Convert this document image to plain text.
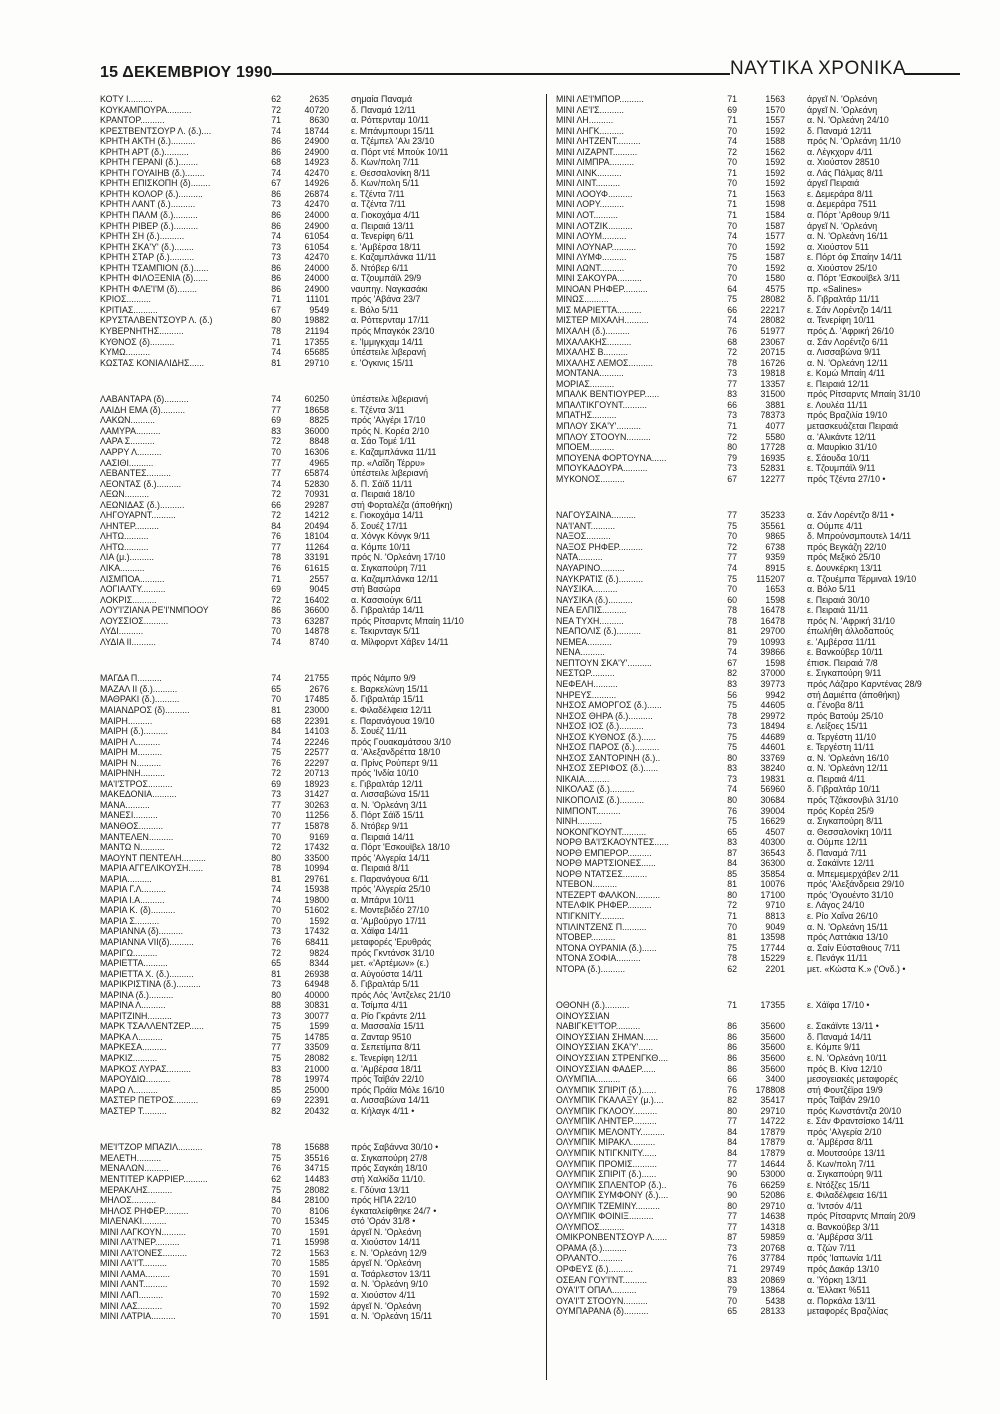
15 ΔΕΚΕΜΒΡΙΟΥ 1990	ΝΑΥΤΙΚΑ ΧΡΟΝΙΚΑ
ΚΟΤΥ Ι..........	62	2635	σημαία Παναμά
ΚΟΥΚΑΜΠΟΥΡΑ..........	72	40720	δ. Παναμά 12/11
ΚΡΑΝΤΟΡ..........	71	8630	α. Ρόττερνταμ 10/11
ΚΡΕΣΤΒΕΝΤΣΟΥΡ Λ. (δ.)....	74	18744	ε. Μπάνμπουρι 15/11
ΚΡΗΤΗ ΑΚΤΗ (δ.)..........	86	24900	α. Τζέμπελ 'Αλι 23/10
ΚΡΗΤΗ ΑΡΤ (δ.)..........	86	24900	α. Πόρτ ντέ Μπούκ 10/11
ΚΡΗΤΗ ΓΕΡΑΝΙ (δ.)........	68	14923	δ. Κων/πολη 7/11
ΚΡΗΤΗ ΓΟΥΑΙΗΒ (δ.)........	74	42470	ε. Θεσσαλονίκη 8/11
ΚΡΗΤΗ ΕΠΙΣΚΟΠΗ (δ)........	67	14926	δ. Κων/πολη 5/11
ΚΡΗΤΗ ΚΟΛΟΡ (δ.)..........	86	26874	ε. Τζέντα 7/11
ΚΡΗΤΗ ΛΑΝΤ (δ.)..........	73	42470	α. Τζέντα 7/11
ΚΡΗΤΗ ΠΑΛΜ (δ.)..........	86	24000	α. Γιοκοχάμα 4/11
ΚΡΗΤΗ ΡΙΒΕΡ (δ.)..........	86	24900	α. Πειραιά 13/11
ΚΡΗΤΗ ΣΗ (δ.)..........	74	61054	α. Τενερίφη 6/11
ΚΡΗΤΗ ΣΚΑ'Υ' (δ.)........	73	61054	ε. 'Αμβέρσα 18/11
ΚΡΗΤΗ ΣΤΑΡ (δ.)..........	73	42470	ε. Καζαμπλάνκα 11/11
ΚΡΗΤΗ ΤΣΑΜΠΙΟΝ (δ.)......	86	24000	δ. Ντόβερ 6/11
ΚΡΗΤΗ ΦΙΛΟΞΕΝΙΑ (δ)......	86	24000	α. Τζουμπάϊλ 29/9
ΚΡΗΤΗ ΦΛΕ'Ι'Μ (δ)........	86	24900	ναυπηγ. Ναγκασάκι
ΚΡΙΟΣ..........	71	11101	πρός 'Αβάνα 23/7
ΚΡΙΤΙΑΣ..........	67	9549	ε. Βόλο 5/11
ΚΡΥΣΤΑΛΒΕΝΤΣΟΥΡ Λ. (δ.)	80	19882	α. Ρόττερνταμ 17/11
ΚΥΒΕΡΝΗΤΗΣ..........	78	21194	πρός Μπαγκόκ 23/10
ΚΥΘΝΟΣ (δ)..........	71	17355	ε. 'Ιμμιγκχαμ 14/11
ΚΥΜΩ..........	74	65685	ύπέστειλε λιβερανή
ΚΩΣΤΑΣ ΚΟΝΙΑΛΙΔΗΣ......	81	29710	ε. 'Ογκινις 15/11
ΛΑΒΑΝΤΑΡΑ (δ)..........	74	60250	ύπέστειλε λιβεριανή
ΛΑΙΔΗ ΕΜΑ (δ)..........	77	18658	ε. Τζέντα 3/11
ΛΑΚΩΝ..........	69	8825	πρός 'Αλγέρι 17/10
ΛΑΜΥΡΑ..........	83	36000	πρός Ν. Κορέα 2/10
ΛΑΡΑ Σ..........	72	8848	α. Σάο Τομέ 1/11
ΛΑΡΡΥ Λ..........	70	16306	ε. Καζαμπλάνκα 11/11
ΛΑΣΙΘΙ..........	77	4965	πρ. «Λαΐδη Τέρρυ»
ΛΕΒΑΝΤΕΣ..........	77	65874	ύπέστειλε λιβεριανή
ΛΕΟΝΤΑΣ (δ.)..........	74	52830	δ. Π. Σάϊδ 11/11
ΛΕΩΝ..........	72	70931	α. Πειραιά 18/10
ΛΕΩΝΙΔΑΣ (δ.)..........	66	29287	στή Φορταλέζα (άποθήκη)
ΛΗΓΟΥΑΡΝΤ..........	72	14212	ε. Γιοκοχάμα 14/11
ΛΗΝΤΕΡ..........	84	20494	δ. Σουέζ 17/11
ΛΗΤΩ..........	76	18104	α. Χόνγκ Κόνγκ 9/11
ΛΗΤΩ..........	77	11264	α. Κόμπε 10/11
ΛΙΑ (μ.)..........	78	33191	πρός Ν. 'Ορλεάνη 17/10
ΛΙΚΑ..........	76	61615	α. Σιγκαπούρη 7/11
ΛΙΣΜΠΟΑ..........	71	2557	α. Καζαμπλάνκα 12/11
ΛΟΓΙΑΛΤΥ..........	69	9045	στή Βασώρα
ΛΟΚΡΙΣ..........	72	16402	α. Κασσιούγκ 6/11
ΛΟΥ'Ι'ΖΙΑΝΑ ΡΕ'Ι'ΝΜΠΟΟΥ	86	36600	δ. Γιβραλτάρ 14/11
ΛΟΥΣΣΙΟΣ..........	73	63287	πρός Ρίτσαρντς Μπαίη 11/10
ΛΥΔΙ..........	70	14878	ε. Τεκιρνταγκ 5/11
ΛΥΔΙΑ ΙΙ..........	74	8740	α. Μίλφορντ Χάβεν 14/11
ΜΑΓΔΑ Π..........	74	21755	πρός Νάμπο 9/9
ΜΑΖΑΛ ΙΙ (δ.)..........	65	2676	ε. Βαρκελώνη 15/11
ΜΑΘΡΑΚΙ (δ.)..........	70	17485	δ. Γιβραλτάρ 15/11
ΜΑΙΑΝΔΡΟΣ (δ)..........	81	23000	ε. Φιλαδέλφεια 12/11
ΜΑΙΡΗ..........	68	22391	ε. Παρανάγουα 19/10
ΜΑΙΡΗ (δ.)..........	84	14103	δ. Σουέζ 11/11
ΜΑΙΡΗ Λ..........	74	22246	πρός Γουακαμάτσου 3/10
ΜΑΙΡΗ Μ..........	75	22577	α. 'Αλεξανδρέττα 18/10
ΜΑΙΡΗ Ν..........	76	22297	α. Πρίνς Ρούπερτ 9/11
ΜΑΙΡΗΝΗ..........	72	20713	πρός 'Ινδία 10/10
ΜΑ'Ι'ΣΤΡΟΣ..........	69	18923	ε. Γιβραλτάρ 12/11
ΜΑΚΕΔΟΝΙΑ..........	73	31427	α. Λισσαβώνα 15/11
ΜΑΝΑ..........	77	30263	α. Ν. 'Ορλεάνη 3/11
ΜΑΝΕΣΙ..........	70	11256	δ. Πόρτ Σάϊδ 15/11
ΜΑΝΘΟΣ..........	77	15878	δ. Ντόβερ 9/11
ΜΑΝΤΕΛΕΝ..........	70	9169	α. Πειραιά 14/11
ΜΑΝΤΩ Ν..........	72	17432	α. Πόρτ 'Εσκουϊβελ 18/10
ΜΑΟΥΝΤ ΠΕΝΤΕΛΗ..........	80	33500	πρός 'Αλγερία 14/11
ΜΑΡΙΑ ΑΓΓΕΛΙΚΟΥΣΗ......	78	10994	α. Πειραιά 8/11
ΜΑΡΙΑ..........	81	29761	ε. Παρανάγουα 6/11
ΜΑΡΙΑ Γ.Λ..........	74	15938	πρός 'Αλγερία 25/10
ΜΑΡΙΑ Ι.Α..........	74	19800	α. Μπάρνι 10/11
ΜΑΡΙΑ Κ. (δ)..........	70	51602	ε. Μοντεβιδέο 27/10
ΜΑΡΙΑ Σ..........	70	1592	α. 'Αμβούργο 17/11
ΜΑΡΙΑΝΝΑ (δ)..........	73	17432	α. Χάϊφα 14/11
ΜΑΡΙΑΝΝΑ VII(δ)..........	76	68411	μεταφορές 'Ερυθράς
ΜΑΡΙΓΩ..........	72	9824	πρός Γκντάνσκ 31/10
ΜΑΡΙΕΤΤΑ..........	65	8344	μετ. «'Αρτέμων» (ε.)
ΜΑΡΙΕΤΤΑ Χ. (δ.)..........	81	26938	α. Αύγούστα 14/11
ΜΑΡΙΚΡΙΣΤΙΝΑ (δ.)..........	73	64948	δ. Γιβραλτάρ 5/11
ΜΑΡΙΝΑ (δ.)..........	80	40000	πρός Λός 'Αντζελες 21/10
ΜΑΡΙΝΑ Λ..........	88	30831	α. Τσίμπα 4/11
ΜΑΡΙΤΖΙΝΗ..........	73	30077	α. Ρίο Γκράντε 2/11
ΜΑΡΚ ΤΣΑΛΛΕΝΤΖΕΡ......	75	1599	α. Μασσαλία 15/11
ΜΑΡΚΑ Λ..........	75	14785	α. Ζανταρ 9510
ΜΑΡΚΕΣΑ..........	77	33509	α. Σεπετίμπα 8/11
ΜΑΡΚΙΖ..........	75	28082	ε. Τενερίφη 12/11
ΜΑΡΚΟΣ ΛΥΡΑΣ..........	83	21000	α. 'Αμβέρσα 18/11
ΜΑΡΟΥΔΙΩ..........	78	19974	πρός Ταϊβάν 22/10
ΜΑΡΩ Λ..........	85	25000	πρός Πράϊα Μόλε 16/10
ΜΑΣΤΕΡ ΠΕΤΡΟΣ..........	69	22391	α. Λισσαβώνα 14/11
ΜΑΣΤΕΡ Τ..........	82	20432	α. Κήλαγκ 4/11 •
ΜΕ'Ι'ΤΖΟΡ ΜΠΑΖΙΛ..........	78	15688	πρός Σαβάννα 30/10 •
ΜΕΛΕΤΗ..........	75	35516	α. Σιγκαπούρη 27/8
ΜΕΝΑΛΩΝ..........	76	34715	πρός Σαγκάη 18/10
ΜΕΝΤΙΤΕΡ ΚΑΡΡΙΕΡ..........	62	14483	στή Χαλκίδα 11/10.
ΜΕΡΑΚΛΗΣ..........	75	28082	ε. Γδύνια 13/11
ΜΗΛΟΣ..........	84	28100	πρός ΗΠΑ 22/10
ΜΗΛΟΣ ΡΗΦΕΡ..........	70	8106	έγκαταλείφθηκε 24/7 •
ΜΙΛΕΝΑΚΙ..........	70	15345	στό 'Οράν 31/8 •
ΜΙΝΙ ΛΑΓΚΟΥΝ..........	70	1591	άργεῖ Ν. 'Ορλεάνη
ΜΙΝΙ ΛΑ'Ι'ΝΕΡ..........	71	15998	α. Χιούστον 14/11
ΜΙΝΙ ΛΑ'Ι'ΟΝΕΣ..........	72	1563	ε. Ν. 'Ορλεάνη 12/9
ΜΙΝΙ ΛΑ'Ι'Τ..........	70	1585	άργεῖ Ν. 'Ορλεάνη
ΜΙΝΙ ΛΑΜΑ..........	70	1591	α. Τσάρλεστον 13/11
ΜΙΝΙ ΛΑΝΤ..........	70	1592	α. Ν. 'Ορλεάνη 9/10
ΜΙΝΙ ΛΑΠ..........	70	1592	α. Χιούστον 4/11
ΜΙΝΙ ΛΑΣ..........	70	1592	άργεῖ Ν. 'Ορλεάνη
ΜΙΝΙ ΛΑΤΡΙΑ..........	70	1591	α. Ν. 'Ορλεάνη 15/11
ΜΙΝΙ ΛΕ'Ι'ΜΠΟΡ..........	71	1563	άργεῖ Ν. 'Ορλεάνη
ΜΙΝΙ ΛΕ'Ι'Σ..........	69	1570	άργεῖ Ν. 'Ορλεάνη
ΜΙΝΙ ΛΗ..........	71	1557	α. Ν. 'Ορλεάνη 24/10
ΜΙΝΙ ΛΗΓΚ..........	70	1592	δ. Παναμά 12/11
ΜΙΝΙ ΛΗΤΖΕΝΤ..........	74	1588	πρός Ν. 'Ορλεάνη 11/10
ΜΙΝΙ ΛΙΖΑΡΝΤ..........	72	1562	α. Λέγκχορν 4/11
ΜΙΝΙ ΛΙΜΠΡΑ..........	70	1592	α. Χιούστον 28510
ΜΙΝΙ ΛΙΝΚ..........	71	1592	α. Λάς Πάλμας 8/11
ΜΙΝΙ ΛΙΝΤ..........	70	1592	άργεῖ Πειραιά
ΜΙΝΙ ΛΟΟΥΦ..........	71	1563	ε. Δεμεράρα 8/11
ΜΙΝΙ ΛΟΡΥ..........	71	1598	α. Δεμεράρα 7511
ΜΙΝΙ ΛΟΤ..........	71	1584	α. Πόρτ 'Αρθουρ 9/11
ΜΙΝΙ ΛΟΤΖΙΚ..........	70	1587	άργεῖ Ν. 'Ορλεάνη
ΜΙΝΙ ΛΟΥΜ..........	74	1577	α. Ν. 'Ορλεάνη 16/11
ΜΙΝΙ ΛΟΥΝΑΡ..........	70	1592	α. Χιούστον 511
ΜΙΝΙ ΛΥΜΦ..........	75	1587	ε. Πόρτ όφ Σπαίην 14/11
ΜΙΝΙ ΛΩΝΤ..........	70	1592	α. Χιούστον 25/10
ΜΙΝΙ ΣΑΚΟΥΡΑ..........	70	1580	α. Πόρτ 'Εσκουϊβελ 3/11
ΜΙΝΟΑΝ ΡΗΦΕΡ..........	64	4575	πρ. «Salines»
ΜΙΝΩΣ..........	75	28082	δ. Γιβραλτάρ 11/11
ΜΙΣ ΜΑΡΙΕΤΤΑ..........	66	22217	ε. Σάν Λορέντζο 14/11
ΜΙΣΤΕΡ ΜΙΧΑΛΗ..........	74	28082	α. Τενερίφη 10/11
ΜΙΧΑΛΗ (δ.)..........	76	51977	πρός Δ. 'Αφρική 26/10
ΜΙΧΑΛΑΚΗΣ..........	68	23067	α. Σάν Λορέντζο 6/11
ΜΙΧΑΛΗΣ Β..........	72	20715	α. Λισσαβώνα 9/11
ΜΙΧΑΛΗΣ ΛΕΜΟΣ..........	78	16726	α. Ν. 'Ορλεάνη 12/11
ΜΟΝΤΑΝΑ..........	73	19818	ε. Κομώ Μπαίη 4/11
ΜΟΡΙΑΣ..........	77	13357	ε. Πειραιά 12/11
ΜΠΑΛΚ ΒΕΝΤΙΟΥΡΕΡ......	83	31500	πρός Ρίτσαρντς Μπαίη 31/10
ΜΠΑΛΤΙΚΓΟΥΝΤ..........	66	3881	ε. Λουλέα 11/11
ΜΠΑΤΗΣ..........	73	78373	πρός Βραζιλία 19/10
ΜΠΛΟΥ ΣΚΑ'Υ'..........	71	4077	μετασκευάζεται Πειραιά
ΜΠΛΟΥ ΣΤΟΟΥΝ..........	72	5580	α. 'Αλικάντε 12/11
ΜΠΟΕΜ..........	80	17728	α. Μαυρίκιο 31/10
ΜΠΟΥΕΝΑ ΦΟΡΤΟΥΝΑ......	79	16935	ε. Σάουδα 10/11
ΜΠΟΥΚΑΔΟΥΡΑ..........	73	52831	ε. Τζουμπάϊλ 9/11
ΜΥΚΟΝΟΣ..........	67	12277	πρός Τζέντα 27/10 •
ΝΑΓΟΥΣΑΙΝΑ..........	77	35233	α. Σάν Λορέντζο 8/11 •
ΝΑ'Ι'ΑΝΤ..........	75	35561	α. Ούμπε 4/11
ΝΑΞΟΣ..........	70	9865	δ. Μπρούνσμπουτελ 14/11
ΝΑΞΟΣ ΡΗΦΕΡ..........	72	6738	πρός Βεγκάζη 22/10
ΝΑΤΑ..........	77	9359	πρός Μεξικό 25/10
ΝΑΥΑΡΙΝΟ..........	74	8915	ε. Δουνκέρκη 13/11
ΝΑΥΚΡΑΤΙΣ (δ.)..........	75	115207	α. Τζουέμπα Τέρμιναλ 19/10
ΝΑΥΣΙΚΑ..........	70	1653	α. Βόλο 5/11
ΝΑΥΣΙΚΑ (δ.)..........	60	1598	ε. Πειραιά 30/10
ΝΕΑ ΕΛΠΙΣ..........	78	16478	ε. Πειραιά 11/11
ΝΕΑ ΤΥΧΗ..........	78	16478	πρός Ν. 'Αφρική 31/10
ΝΕΑΠΟΛΙΣ (δ.)..........	81	29700	έπωλήθη άλλοδαπούς
ΝΕΜΕΑ..........	79	10993	ε. 'Αμβέρσα 11/11
ΝΕΝΑ..........	74	39866	ε. Βανκούβερ 10/11
ΝΕΠΤΟΥΝ ΣΚΑ'Υ'..........	67	1598	έπισκ. Πειραιά 7/8
ΝΕΣΤΩΡ..........	82	37000	ε. Σιγκαπούρη 9/11
ΝΕΦΕΛΗ..........	83	39773	πρός Λάζαρο Καρντένας 28/9
ΝΗΡΕΥΣ..........	56	9942	στή Δαμιέττα (άποθήκη)
ΝΗΣΟΣ ΑΜΟΡΓΟΣ (δ.)......	75	44605	α. Γένοβα 8/11
ΝΗΣΟΣ ΘΗΡΑ (δ.)..........	78	29972	πρός Βατούμ 25/10
ΝΗΣΟΣ ΙΟΣ (δ.)..........	73	18494	ε. Λείξοες 15/11
ΝΗΣΟΣ ΚΥΘΝΟΣ (δ.)......	75	44689	α. Τεργέστη 11/10
ΝΗΣΟΣ ΠΑΡΟΣ (δ.)..........	75	44601	ε. Τεργέστη 11/11
ΝΗΣΟΣ ΣΑΝΤΟΡΙΝΗ (δ.)..	80	33769	α. Ν. 'Ορλεάνη 16/10
ΝΗΣΟΣ ΣΕΡΙΦΟΣ (δ.)......	83	38240	α. Ν. 'Ορλεάνη 12/11
ΝΙΚΑΙΑ..........	73	19831	α. Πειραιά 4/11
ΝΙΚΟΛΑΣ (δ.)..........	74	56960	δ. Γιβραλτάρ 10/11
ΝΙΚΟΠΟΛΙΣ (δ.)..........	80	30684	πρός Τζάκσονβιλ 31/10
ΝΙΜΠΟΝΤ..........	76	39004	πρός Κορέα 25/9
ΝΙΝΗ..........	75	16629	α. Σιγκαπούρη 8/11
ΝΟΚΟΝΓΚΟΥΝΤ..........	65	4507	α. Θεσσαλονίκη 10/11
ΝΟΡΘ ΒΑ'Ι'ΣΚΑΟΥΝΤΕΣ......	83	40300	α. Ούμπε 12/11
ΝΟΡΘ ΕΜΠΕΡΟΡ..........	87	36543	δ. Παναμά 7/11
ΝΟΡΘ ΜΑΡΤΣΙΟΝΕΣ......	84	36300	α. Σακάϊντε 12/11
ΝΟΡΘ ΝΤΑΤΣΕΣ..........	85	35854	α. Μπεμεμερχάβεν 2/11
ΝΤΕΒΟΝ..........	81	10076	πρός 'Αλεξάνδρεια 29/10
ΝΤΕΖΕΡΤ ΦΑΛΚΟΝ..........	80	17100	πρός 'Ογουέντο 31/10
ΝΤΕΛΦΙΚ ΡΗΦΕΡ..........	72	9710	ε. Λάγος 24/10
ΝΤΙΓΚΝΙΤΥ..........	71	8813	ε. Ρίο Χαΐνα 26/10
ΝΤΙΛΙΝΤΖΕΝΣ Π..........	70	9049	α. Ν. 'Ορλεάνη 15/11
ΝΤΟΒΕΡ..........	81	13598	πρός Λαττάκια 13/10
ΝΤΟΝΑ ΟΥΡΑΝΙΑ (δ.)......	75	17744	α. Σαίν Εύσταθιους 7/11
ΝΤΟΝΑ ΣΟΦΙΑ..........	78	15229	ε. Πενάγκ 11/11
ΝΤΟΡΑ (δ.)..........	62	2201	μετ. «Κώστα Κ.» ('Ονδ.) •
ΟΘΟΝΗ (δ.)..........	71	17355	ε. Χάϊφα 17/10 •
ΟΙΝΟΥΣΣΙΑΝ
ΝΑΒΙΓΚΕ'Ι'ΤΟΡ..........	86	35600	ε. Σακάϊντε 13/11 •
ΟΙΝΟΥΣΣΙΑΝ ΣΗΜΑΝ......	86	35600	δ. Παναμά 14/11
ΟΙΝΟΥΣΣΙΑΝ ΣΚΑ'Υ'......	86	35600	ε. Κόμπε 9/11
ΟΙΝΟΥΣΣΙΑΝ ΣΤΡΕΝΓΚΘ....	86	35600	ε. Ν. 'Ορλεάνη 10/11
ΟΙΝΟΥΣΣΙΑΝ ΦΑΔΕΡ......	86	35600	πρός Β. Κίνα 12/10
ΟΛΥΜΠΙΑ..........	66	3400	μεσογειακές μεταφορές
ΟΛΥΜΠΙΚ ΣΠΙΡΙΤ (δ.)......	76	178808	στή Φουτζέϊρα 19/9
ΟΛΥΜΠΙΚ ΓΚΑΛΑΞΥ (μ.)....	82	35417	πρός Ταϊβάν 29/10
ΟΛΥΜΠΙΚ ΓΚΛΟΟΥ..........	80	29710	πρός Κωνστάντζα 20/10
ΟΛΥΜΠΙΚ ΛΗΝΤΕΡ..........	77	14722	ε. Σάν Φραντσίσκο 14/11
ΟΛΥΜΠΙΚ ΜΕΛΟΝΤΥ..........	84	17879	πρός 'Αλγερία 2/10
ΟΛΥΜΠΙΚ ΜΙΡΑΚΛ..........	84	17879	α. 'Αμβέρσα 8/11
ΟΛΥΜΠΙΚ ΝΤΙΓΚΝΙΤΥ......	84	17879	α. Μουτσούρε 13/11
ΟΛΥΜΠΙΚ ΠΡΟΜΙΣ..........	77	14644	δ. Κων/πολη 7/11
ΟΛΥΜΠΙΚ ΣΠΙΡΙΤ (δ.)......	90	53000	α. Σιγκαπούρη 9/11
ΟΛΥΜΠΙΚ ΣΠΛΕΝΤΟΡ (δ.)..	76	66259	ε. Ντόξζες 15/11
ΟΛΥΜΠΙΚ ΣΥΜΦΟΝΥ (δ.)....	90	52086	ε. Φιλαδέλφεια 16/11
ΟΛΥΜΠΙΚ ΤΖΕΜΙΝΥ..........	80	29710	α. 'Ιντσόν 4/11
ΟΛΥΜΠΙΚ ΦΟΙΝΙΞ..........	77	14638	πρός Ρίτσαρντς Μπαίη 20/9
ΟΛΥΜΠΟΣ..........	77	14318	α. Βανκούβερ 3/11
ΟΜΙΚΡΟΝΒΕΝΤΣΟΥΡ Λ......	87	59859	α. 'Αμβέρσα 3/11
ΟΡΑΜΑ (δ.)..........	73	20768	α. Τζών 7/11
ΟΡΛΑΝΤΟ..........	76	37784	πρός 'Ιαπωνία 1/11
ΟΡΦΕΥΣ (δ.)..........	71	29749	πρός Δακάρ 13/10
ΟΣΕΑΝ ΓΟΥ'Ι'ΝΤ..........	83	20869	α. 'Υόρκη 13/11
ΟΥΑ'Ι'Τ ΟΠΑΛ..........	79	13864	α. 'Ελλακτ %511
ΟΥΑ'Ι'Τ ΣΤΟΟΥΝ..........	70	5438	α. Πορκάλα 13/11
ΟΥΜΠΑΡΑΝΑ (δ)..........	65	28133	μεταφορές Βραζιλίας
